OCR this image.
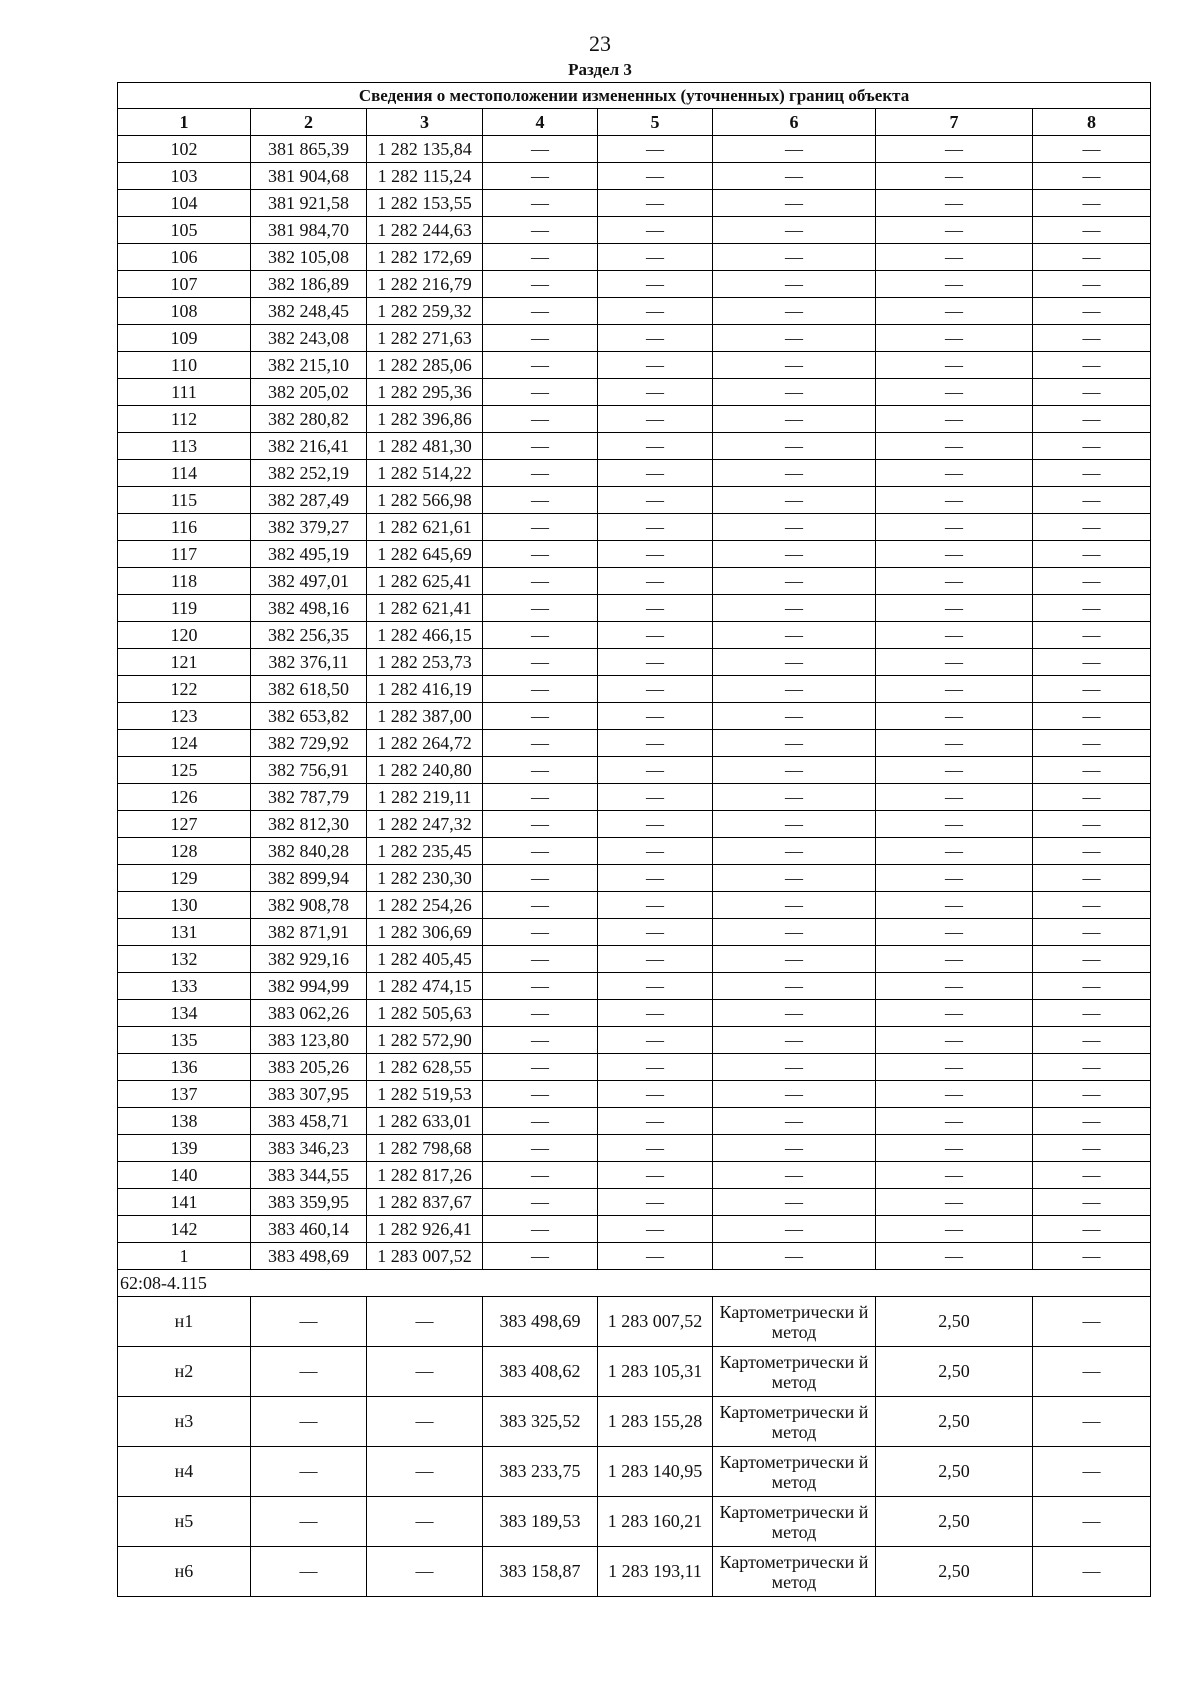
23
Раздел 3
Сведения о местоположении измененных (уточненных) границ объекта							
1	2	3	4	5	6	7	8
102	381 865,39	1 282 135,84	—	—	—	—	—
103	381 904,68	1 282 115,24	—	—	—	—	—
104	381 921,58	1 282 153,55	—	—	—	—	—
105	381 984,70	1 282 244,63	—	—	—	—	—
106	382 105,08	1 282 172,69	—	—	—	—	—
107	382 186,89	1 282 216,79	—	—	—	—	—
108	382 248,45	1 282 259,32	—	—	—	—	—
109	382 243,08	1 282 271,63	—	—	—	—	—
110	382 215,10	1 282 285,06	—	—	—	—	—
111	382 205,02	1 282 295,36	—	—	—	—	—
112	382 280,82	1 282 396,86	—	—	—	—	—
113	382 216,41	1 282 481,30	—	—	—	—	—
114	382 252,19	1 282 514,22	—	—	—	—	—
115	382 287,49	1 282 566,98	—	—	—	—	—
116	382 379,27	1 282 621,61	—	—	—	—	—
117	382 495,19	1 282 645,69	—	—	—	—	—
118	382 497,01	1 282 625,41	—	—	—	—	—
119	382 498,16	1 282 621,41	—	—	—	—	—
120	382 256,35	1 282 466,15	—	—	—	—	—
121	382 376,11	1 282 253,73	—	—	—	—	—
122	382 618,50	1 282 416,19	—	—	—	—	—
123	382 653,82	1 282 387,00	—	—	—	—	—
124	382 729,92	1 282 264,72	—	—	—	—	—
125	382 756,91	1 282 240,80	—	—	—	—	—
126	382 787,79	1 282 219,11	—	—	—	—	—
127	382 812,30	1 282 247,32	—	—	—	—	—
128	382 840,28	1 282 235,45	—	—	—	—	—
129	382 899,94	1 282 230,30	—	—	—	—	—
130	382 908,78	1 282 254,26	—	—	—	—	—
131	382 871,91	1 282 306,69	—	—	—	—	—
132	382 929,16	1 282 405,45	—	—	—	—	—
133	382 994,99	1 282 474,15	—	—	—	—	—
134	383 062,26	1 282 505,63	—	—	—	—	—
135	383 123,80	1 282 572,90	—	—	—	—	—
136	383 205,26	1 282 628,55	—	—	—	—	—
137	383 307,95	1 282 519,53	—	—	—	—	—
138	383 458,71	1 282 633,01	—	—	—	—	—
139	383 346,23	1 282 798,68	—	—	—	—	—
140	383 344,55	1 282 817,26	—	—	—	—	—
141	383 359,95	1 282 837,67	—	—	—	—	—
142	383 460,14	1 282 926,41	—	—	—	—	—
1	383 498,69	1 283 007,52	—	—	—	—	—
62:08-4.115							
н1	—	—	383 498,69	1 283 007,52	Картометрически й метод	2,50	—
н2	—	—	383 408,62	1 283 105,31	Картометрически й метод	2,50	—
н3	—	—	383 325,52	1 283 155,28	Картометрически й метод	2,50	—
н4	—	—	383 233,75	1 283 140,95	Картометрически й метод	2,50	—
н5	—	—	383 189,53	1 283 160,21	Картометрически й метод	2,50	—
н6	—	—	383 158,87	1 283 193,11	Картометрически й метод	2,50	—
